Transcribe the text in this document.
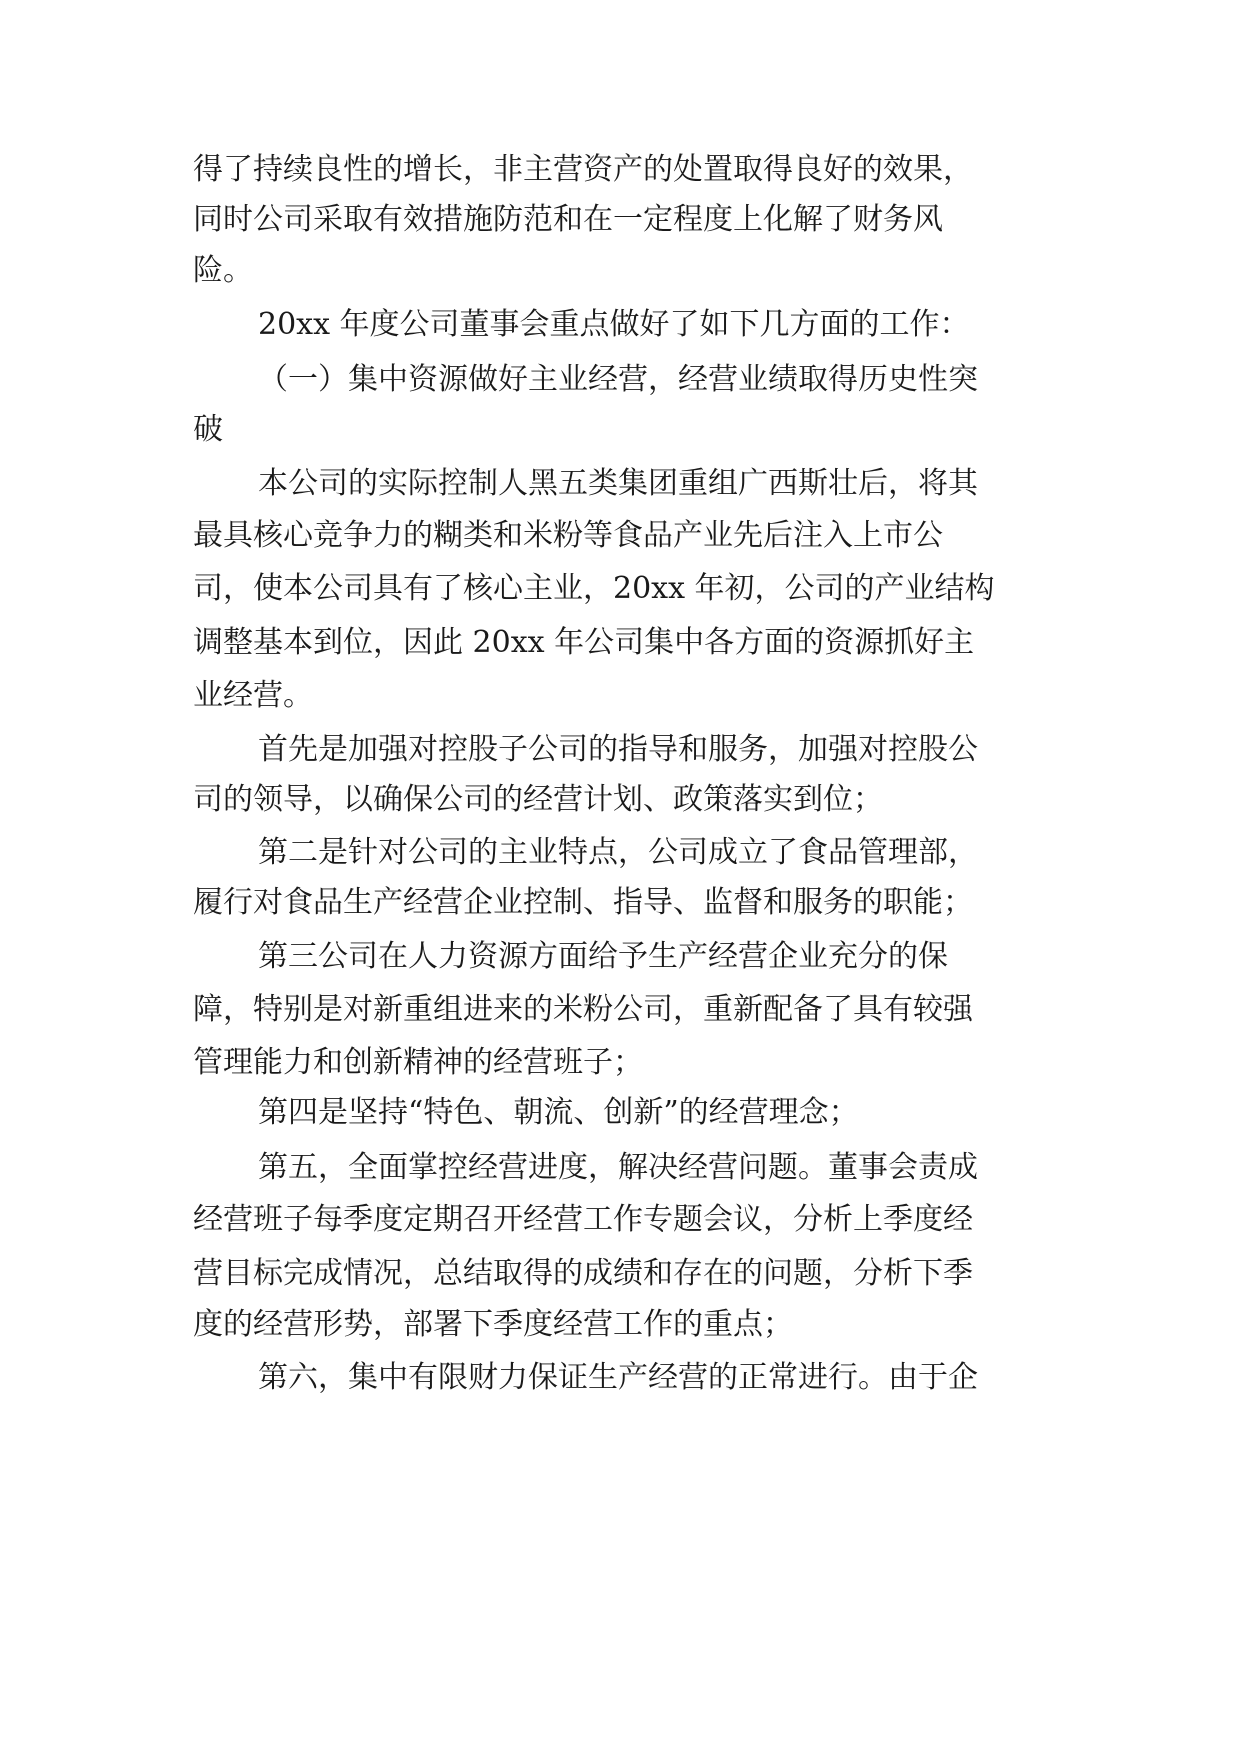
得了持续良性的增长，非主营资产的处置取得良好的效果，
同时公司采取有效措施防范和在一定程度上化解了财务风
险。
20xx 年度公司董事会重点做好了如下几方面的工作：
（一）集中资源做好主业经营，经营业绩取得历史性突
破
本公司的实际控制人黑五类集团重组广西斯壮后，将其
最具核心竞争力的糊类和米粉等食品产业先后注入上市公
司，使本公司具有了核心主业，20xx 年初，公司的产业结构
调整基本到位，因此 20xx 年公司集中各方面的资源抓好主
业经营。
首先是加强对控股子公司的指导和服务，加强对控股公
司的领导，以确保公司的经营计划、政策落实到位；
第二是针对公司的主业特点，公司成立了食品管理部，
履行对食品生产经营企业控制、指导、监督和服务的职能；
第三公司在人力资源方面给予生产经营企业充分的保
障，特别是对新重组进来的米粉公司，重新配备了具有较强
管理能力和创新精神的经营班子；
第四是坚持“特色、朝流、创新”的经营理念；
第五，全面掌控经营进度，解决经营问题。董事会责成
经营班子每季度定期召开经营工作专题会议，分析上季度经
营目标完成情况，总结取得的成绩和存在的问题，分析下季
度的经营形势，部署下季度经营工作的重点；
第六，集中有限财力保证生产经营的正常进行。由于企
